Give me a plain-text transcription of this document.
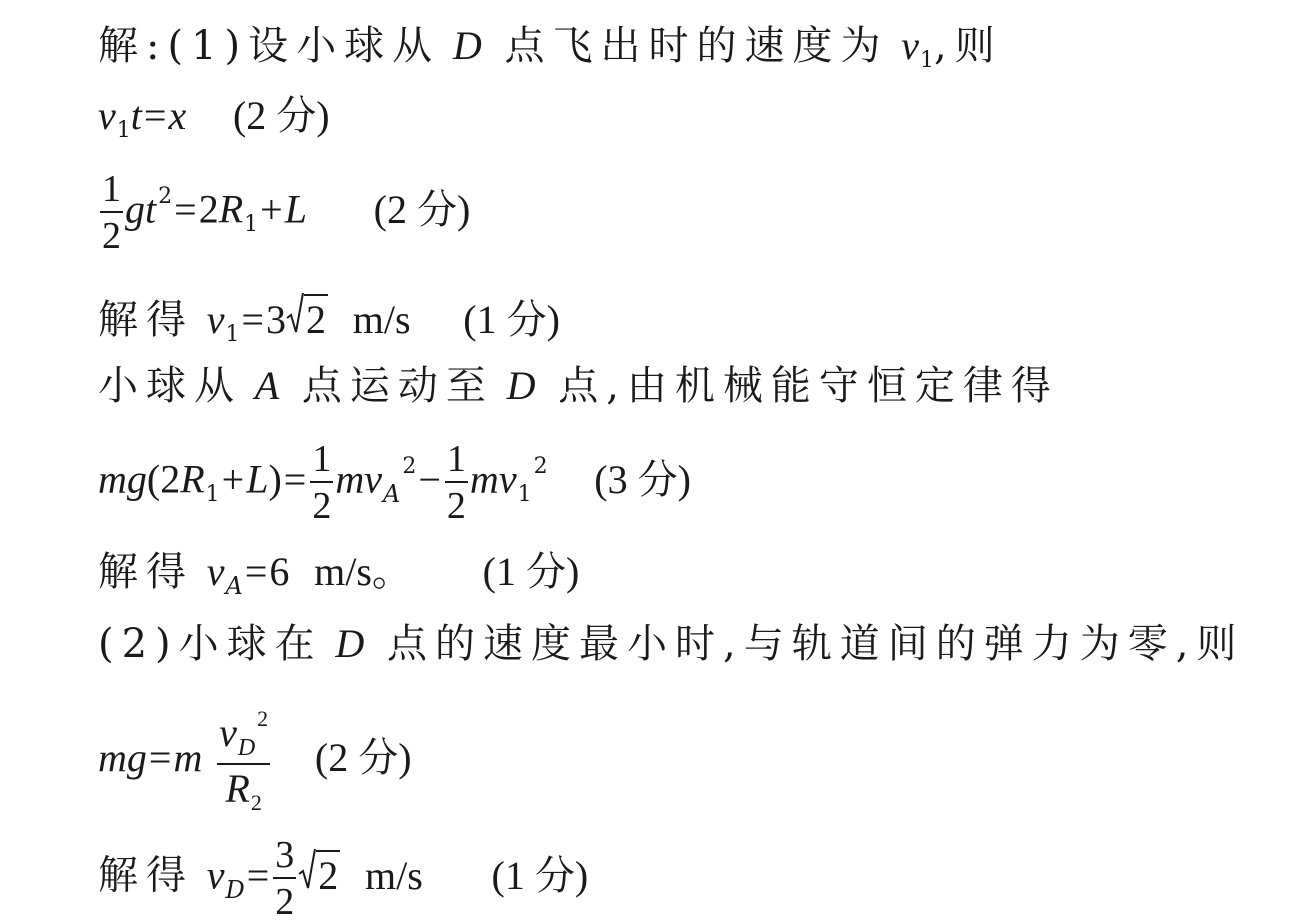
解:(1)设小球从 D 点飞出时的速度为 $v_1$,则
$v_1t=x$ (2 分)
$\frac{1}{2} gt^2=2R_1+L$ (2 分)
解得 $v_1=3$ 2 m/s (1 分)
小球从 A 点运动至 D 点,由机械能守恒定律得
$mg(2R_1+L)= \frac{1}{2} mv_A^2- \frac{1}{2} mv_1^2$ (3 分)
解得 $v_A=6$ m/s。 (1 分)
(2)小球在 D 点的速度最小时,与轨道间的弹力为零,则
$mg=m \frac{v_D^2}{R_2} (2$ 分)
解得 $v_D= \frac{3}{2} 2$ m/s (1 分)
